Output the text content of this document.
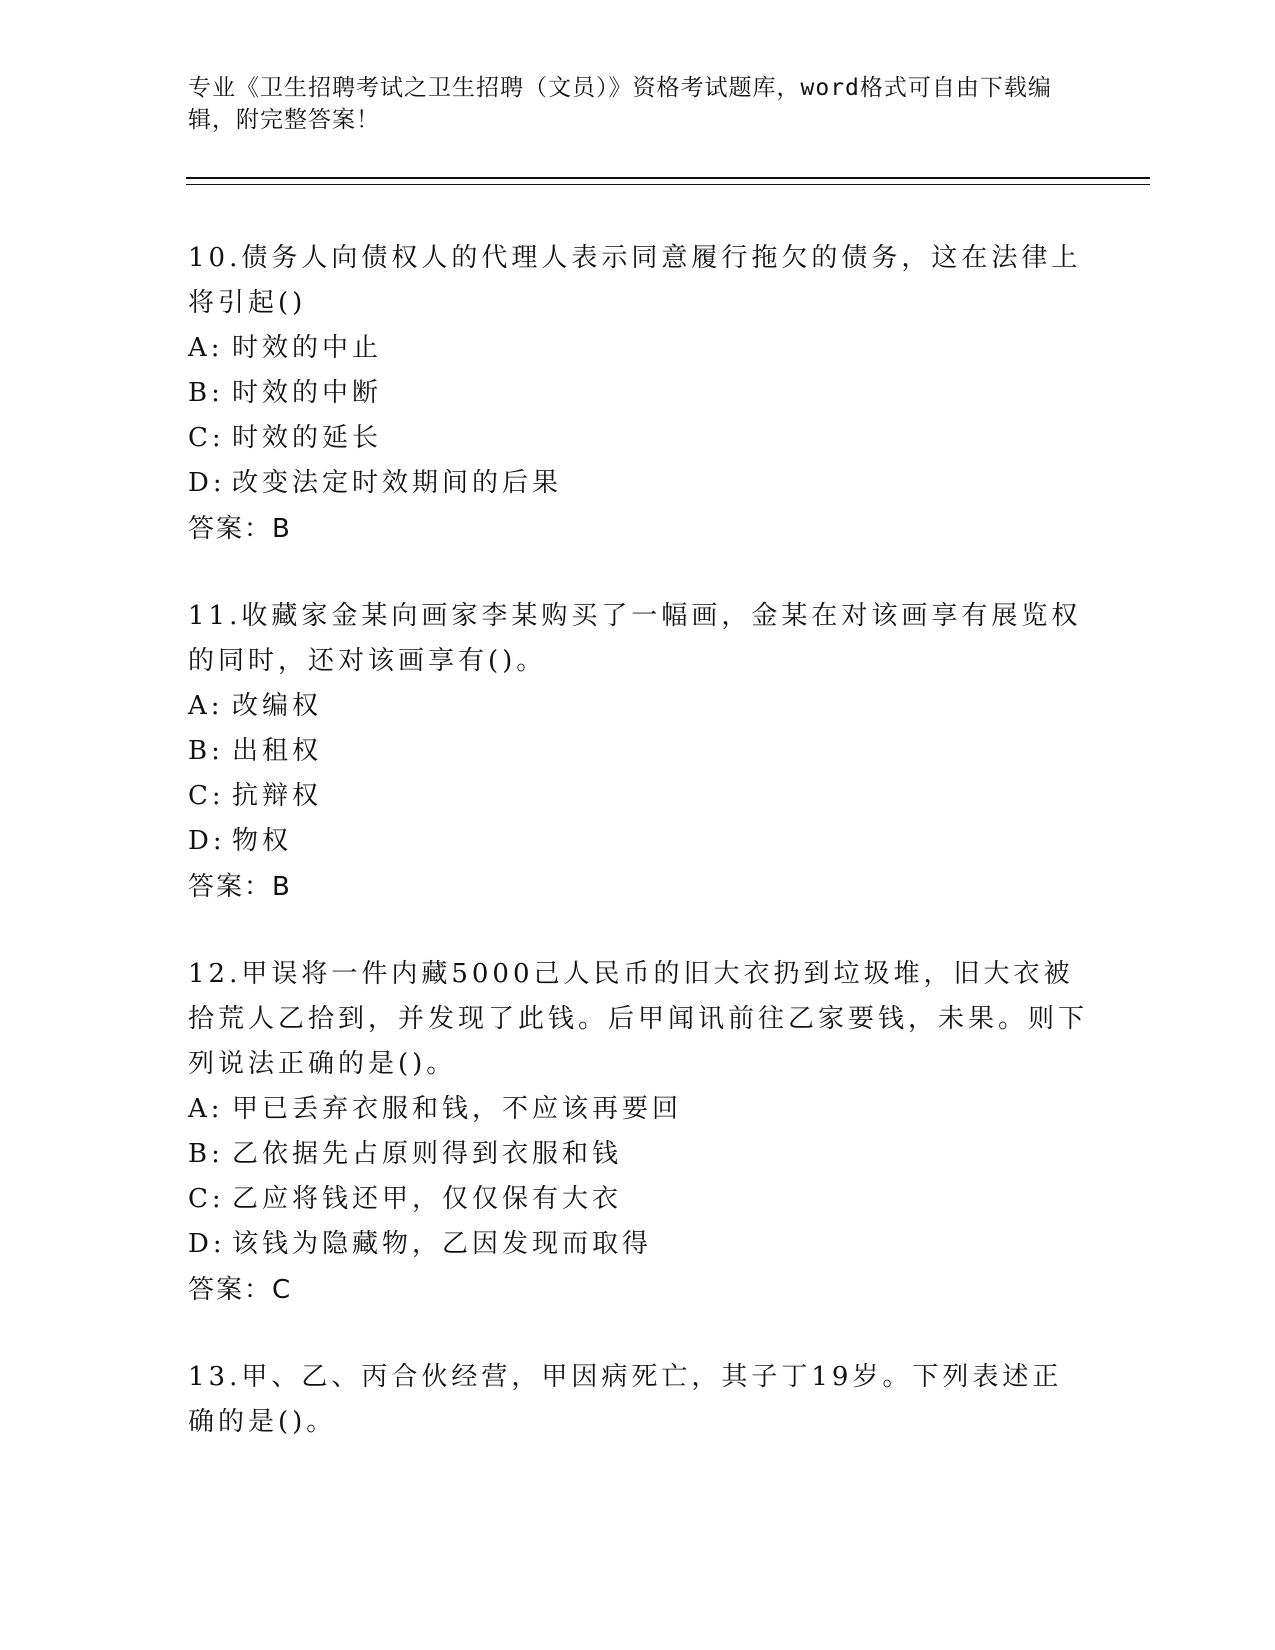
专业《卫生招聘考试之卫生招聘（文员）》资格考试题库，word格式可自由下载编辑，附完整答案！

10.债务人向债权人的代理人表示同意履行拖欠的债务，这在法律上将引起()

A: 时效的中止
B: 时效的中断
C: 时效的延长
D: 改变法定时效期间的后果
答案：B

11.收藏家金某向画家李某购买了一幅画，金某在对该画享有展览权的同时，还对该画享有()。

A: 改编权
B: 出租权
C: 抗辩权
D: 物权
答案：B

12.甲误将一件内藏5000己人民币的旧大衣扔到垃圾堆，旧大衣被拾荒人乙拾到，并发现了此钱。后甲闻讯前往乙家要钱，未果。则下列说法正确的是()。

A: 甲已丢弃衣服和钱，不应该再要回
B: 乙依据先占原则得到衣服和钱
C: 乙应将钱还甲，仅仅保有大衣
D: 该钱为隐藏物，乙因发现而取得
答案：C

13.甲、乙、丙合伙经营，甲因病死亡，其子丁19岁。下列表述正确的是()。
